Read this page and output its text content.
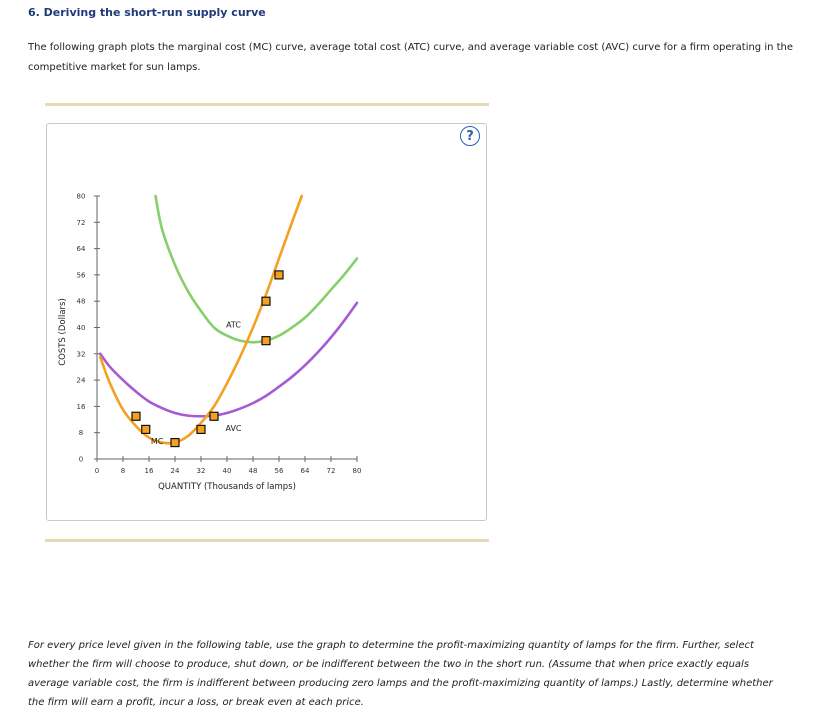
6. Deriving the short-run supply curve
The following graph plots the marginal cost (MC) curve, average total cost (ATC) curve, and average variable cost (AVC) curve for a firm operating in the competitive market for sun lamps.
?
COSTS (Dollars)
QUANTITY (Thousands of lamps)
0	8	16 24 32 40 48 56 64 72 80
0
8
16
24
32
40
48
56
64
72
80
MC
ATC
AVC
For every price level given in the following table, use the graph to determine the profit-maximizing quantity of lamps for the firm. Further, select whether the firm will choose to produce, shut down, or be indifferent between the two in the short run. (Assume that when price exactly equals average variable cost, the firm is indifferent between producing zero lamps and the profit-maximizing quantity of lamps.) Lastly, determine whether the firm will earn a profit, incur a loss, or break even at each price.
